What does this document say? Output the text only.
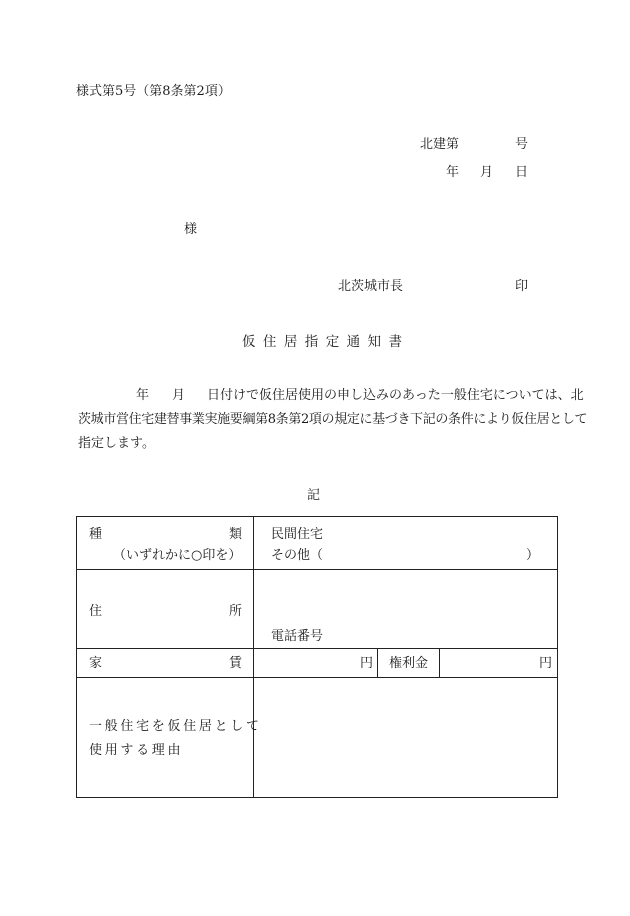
様式第5号（第8条第2項）
北建第	号
年 月 日
様
北茨城市長	印
仮住居指定通知書
年 月 日付けで仮住居使用の申し込みのあった一般住宅については、北
茨城市営住宅建替事業実施要綱第8条第2項の規定に基づき下記の条件により仮住居として
指定します。
記
種 類
（いずれかに○印を）	民間住宅
その他（ ）		

住 所	電話番号		

家 賃	円	権利金	円

一般住宅を仮住居として
使用する理由			
